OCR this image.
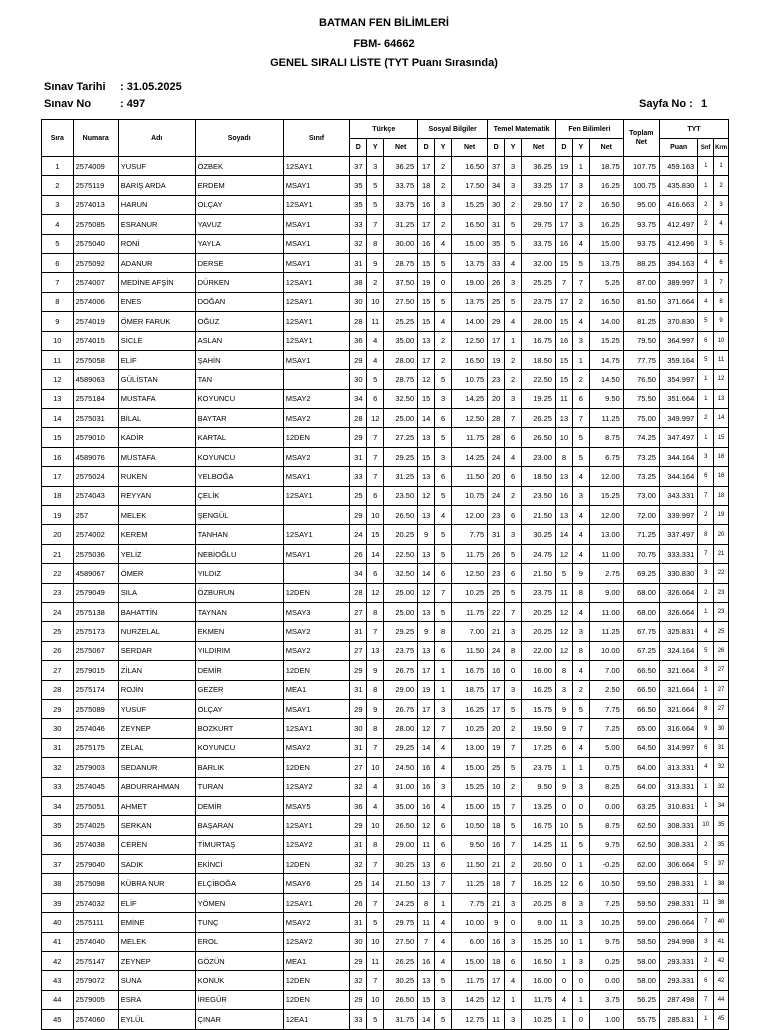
BATMAN FEN BİLİMLERİ
FBM- 64662
GENEL SIRALI LİSTE (TYT Puanı Sırasında)
Sınav Tarihi : 31.05.2025
Sınav No	: 497	Sayfa No : 1
Sıra	Numara	Adı	Soyadı	Sınıf	Türkçe			Sosyal Bilgiler			Temel Matematik			Fen Bilimleri			Toplam Net	TYT		
					D	Y	Net	D	Y	Net	D	Y	Net	D	Y	Net		Puan	Snf	Krm
1	2574009	YUSUF	ÖZBEK	12SAY1	37	3	36.25	17	2	16.50	37	3	36.25	19	1	18.75	107.75	459.163	1	1
2	2575119	BARIŞ ARDA	ERDEM	MSAY1	35	5	33.75	18	2	17.50	34	3	33.25	17	3	16.25	100.75	435.830	1	2
3	2574013	HARUN	OLÇAY	12SAY1	35	5	33.75	16	3	15.25	30	2	29.50	17	2	16.50	95.00	416.663	2	3
4	2575085	ESRANUR	YAVUZ	MSAY1	33	7	31.25	17	2	16.50	31	5	29.75	17	3	16.25	93.75	412.497	2	4
5	2575040	RONİ	YAYLA	MSAY1	32	8	30.00	16	4	15.00	35	5	33.75	16	4	15.00	93.75	412.496	3	5
6	2575092	ADANUR	DERSE	MSAY1	31	9	28.75	15	5	13.75	33	4	32.00	15	5	13.75	88.25	394.163	4	6
7	2574007	MEDİNE AFŞİN	DÜRKEN	12SAY1	38	2	37.50	19	0	19.00	26	3	25.25	7	7	5.25	87.00	389.997	3	7
8	2574006	ENES	DOĞAN	12SAY1	30	10	27.50	15	5	13.75	25	5	23.75	17	2	16.50	81.50	371.664	4	8
9	2574019	ÖMER FARUK	OĞUZ	12SAY1	28	11	25.25	15	4	14.00	29	4	28.00	15	4	14.00	81.25	370.830	5	9
10	2574015	SİCLE	ASLAN	12SAY1	36	4	35.00	13	2	12.50	17	1	16.75	16	3	15.25	79.50	364.997	6	10
11	2575058	ELİF	ŞAHİN	MSAY1	29	4	28.00	17	2	16.50	19	2	18.50	15	1	14.75	77.75	359.164	5	11
12	4589063	GÜLİSTAN	TAN		30	5	28.75	12	5	10.75	23	2	22.50	15	2	14.50	76.50	354.997	1	12
13	2575184	MUSTAFA	KOYUNCU	MSAY2	34	6	32.50	15	3	14.25	20	3	19.25	11	6	9.50	75.50	351.664	1	13
14	2575031	BİLAL	BAYTAR	MSAY2	28	12	25.00	14	6	12.50	28	7	26.25	13	7	11.25	75.00	349.997	2	14
15	2579010	KADİR	KARTAL	12DEN	29	7	27.25	13	5	11.75	28	6	26.50	10	5	8.75	74.25	347.497	1	15
16	4589076	MUSTAFA	KOYUNCU	MSAY2	31	7	29.25	15	3	14.25	24	4	23.00	8	5	6.75	73.25	344.164	3	16
17	2575024	RUKEN	YELBOĞA	MSAY1	33	7	31.25	13	6	11.50	20	6	18.50	13	4	12.00	73.25	344.164	6	16
18	2574043	REYYAN	ÇELİK	12SAY1	25	6	23.50	12	5	10.75	24	2	23.50	16	3	15.25	73.00	343.331	7	18
19	257	MELEK	ŞENGÜL		29	10	26.50	13	4	12.00	23	6	21.50	13	4	12.00	72.00	339.997	2	19
20	2574002	KEREM	TANHAN	12SAY1	24	15	20.25	9	5	7.75	31	3	30.25	14	4	13.00	71.25	337.497	8	20
21	2575036	YELİZ	NEBİOĞLU	MSAY1	26	14	22.50	13	5	11.75	26	5	24.75	12	4	11.00	70.75	333.331	7	21
22	4589067	ÖMER	YILDIZ		34	6	32.50	14	6	12.50	23	6	21.50	5	9	2.75	69.25	330.830	3	22
23	2579049	SILA	ÖZBURUN	12DEN	28	12	25.00	12	7	10.25	25	5	23.75	11	8	9.00	68.00	326.664	2	23
24	2575138	BAHATTİN	TAYNAN	MSAY3	27	8	25.00	13	5	11.75	22	7	20.25	12	4	11.00	68.00	326.664	1	23
25	2575173	NURZELAL	EKMEN	MSAY2	31	7	29.25	9	8	7.00	21	3	20.25	12	3	11.25	67.75	325.831	4	25
26	2575067	SERDAR	YILDIRIM	MSAY2	27	13	23.75	13	6	11.50	24	8	22.00	12	8	10.00	67.25	324.164	5	26
27	2579015	ZİLAN	DEMİR	12DEN	29	9	26.75	17	1	16.75	16	0	16.00	8	4	7.00	66.50	321.664	3	27
28	2575174	ROJİN	GEZER	MEA1	31	8	29.00	19	1	18.75	17	3	16.25	3	2	2.50	66.50	321.664	1	27
29	2575089	YUSUF	OLÇAY	MSAY1	29	9	26.75	17	3	16.25	17	5	15.75	9	5	7.75	66.50	321.664	8	27
30	2574046	ZEYNEP	BOZKURT	12SAY1	30	8	28.00	12	7	10.25	20	2	19.50	9	7	7.25	65.00	316.664	9	30
31	2575175	ZELAL	KOYUNCU	MSAY2	31	7	29.25	14	4	13.00	19	7	17.25	6	4	5.00	64.50	314.997	6	31
32	2579003	SEDANUR	BARLIK	12DEN	27	10	24.50	16	4	15.00	25	5	23.75	1	1	0.75	64.00	313.331	4	32
33	2574045	ABDURRAHMAN	TURAN	12SAY2	32	4	31.00	16	3	15.25	10	2	9.50	9	3	8.25	64.00	313.331	1	32
34	2575051	AHMET	DEMİR	MSAY5	36	4	35.00	16	4	15.00	15	7	13.25	0	0	0.00	63.25	310.831	1	34
35	2574025	SERKAN	BAŞARAN	12SAY1	29	10	26.50	12	6	10.50	18	5	16.75	10	5	8.75	62.50	308.331	10	35
36	2574038	CEREN	TİMURTAŞ	12SAY2	31	8	29.00	11	6	9.50	16	7	14.25	11	5	9.75	62.50	308.331	2	35
37	2579040	SADIK	EKİNCİ	12DEN	32	7	30.25	13	6	11.50	21	2	20.50	0	1	-0.25	62.00	306.664	5	37
38	2575098	KÜBRA NUR	ELÇİBOĞA	MSAY6	25	14	21.50	13	7	11.25	18	7	16.25	12	6	10.50	59.50	298.331	1	38
39	2574032	ELİF	YÖMEN	12SAY1	26	7	24.25	8	1	7.75	21	3	20.25	8	3	7.25	59.50	298.331	11	38
40	2575111	EMİNE	TUNÇ	MSAY2	31	5	29.75	11	4	10.00	9	0	9.00	11	3	10.25	59.00	296.664	7	40
41	2574040	MELEK	EROL	12SAY2	30	10	27.50	7	4	6.00	16	3	15.25	10	1	9.75	58.50	294.998	3	41
42	2575147	ZEYNEP	GÖZÜN	MEA1	29	11	26.25	16	4	15.00	18	6	16.50	1	3	0.25	58.00	293.331	2	42
43	2579072	SUNA	KONUK	12DEN	32	7	30.25	13	5	11.75	17	4	16.00	0	0	0.00	58.00	293.331	6	42
44	2579005	ESRA	İREGÜR	12DEN	29	10	26.50	15	3	14.25	12	1	11.75	4	1	3.75	56.25	287.498	7	44
45	2574060	EYLÜL	ÇINAR	12EA1	33	5	31.75	14	5	12.75	11	3	10.25	1	0	1.00	55.75	285.831	1	45
